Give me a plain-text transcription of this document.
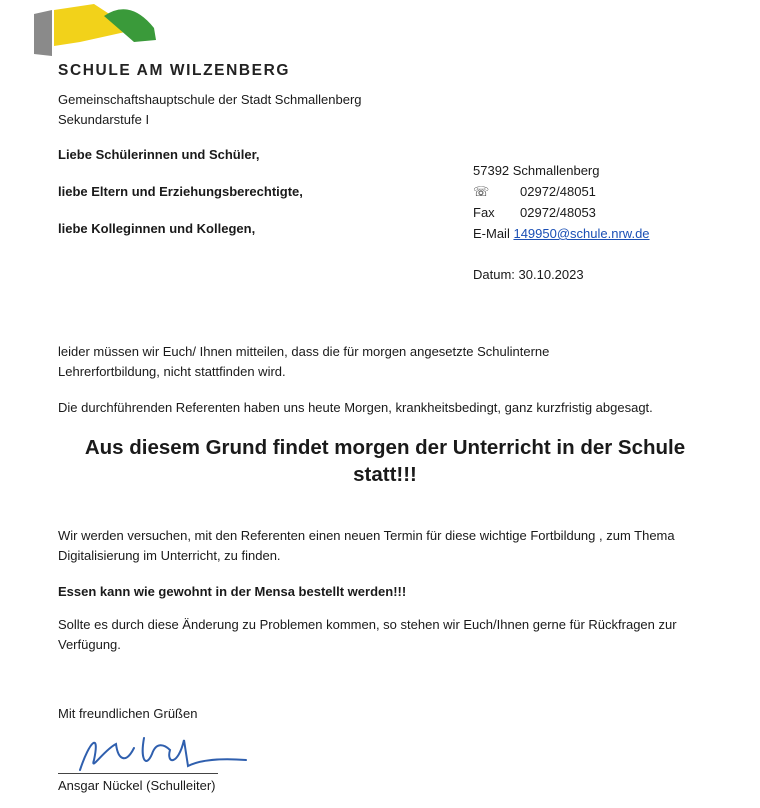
SCHULE AM WILZENBERG
Gemeinschaftshauptschule der Stadt Schmallenberg
Sekundarstufe I
Liebe Schülerinnen und Schüler,
liebe Eltern und Erziehungsberechtigte,
liebe Kolleginnen und Kollegen,
57392 Schmallenberg
☏ 02972/48051
Fax 02972/48053
E-Mail 149950@schule.nrw.de
Datum: 30.10.2023
leider müssen wir Euch/ Ihnen mitteilen, dass die für morgen angesetzte Schulinterne Lehrerfortbildung, nicht stattfinden wird.
Die durchführenden Referenten haben uns heute Morgen, krankheitsbedingt, ganz kurzfristig abgesagt.
Aus diesem Grund findet morgen der Unterricht in der Schule
statt!!!
Wir werden versuchen, mit den Referenten einen neuen Termin für diese wichtige Fortbildung , zum Thema Digitalisierung im Unterricht, zu finden.
Essen kann wie gewohnt in der Mensa bestellt werden!!!
Sollte es durch diese Änderung zu Problemen kommen, so stehen wir Euch/Ihnen gerne für Rückfragen zur Verfügung.
Mit freundlichen Grüßen
Ansgar Nückel (Schulleiter)
